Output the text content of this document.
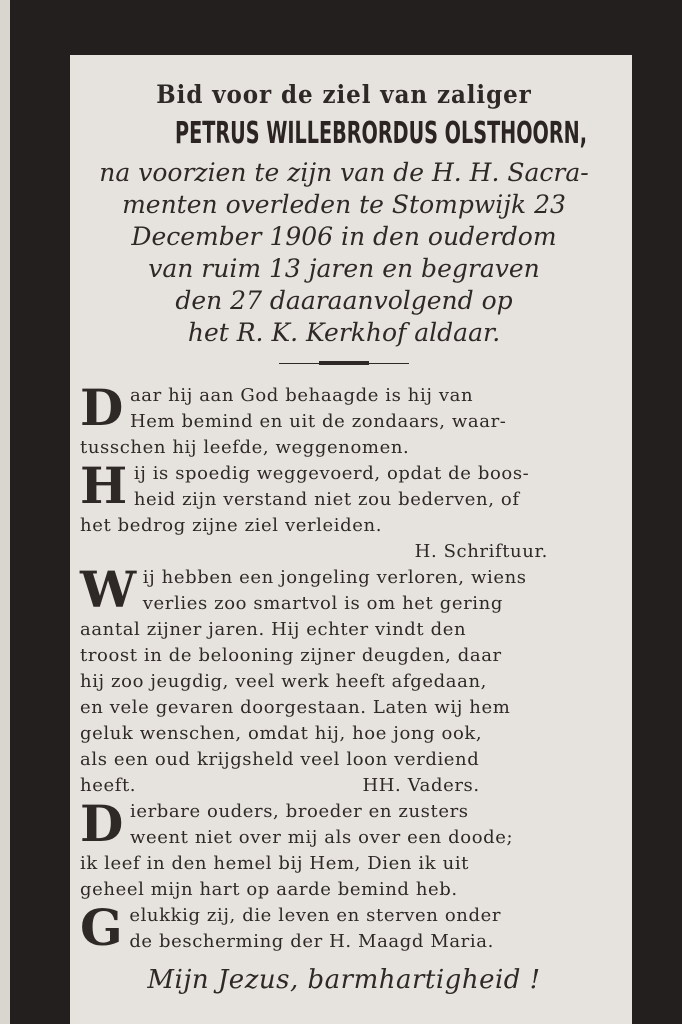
Bid voor de ziel van zaliger
PETRUS WILLEBRORDUS OLSTHOORN,
na voorzien te zijn van de H. H. Sacra-
menten overleden te Stompwijk 23
December 1906 in den ouderdom
van ruim 13 jaren en begraven
den 27 daaraanvolgend op
het R. K. Kerkhof aldaar.
D aar hij aan God behaagde is hij van
Hem bemind en uit de zondaars, waar-
tusschen hij leefde, weggenomen.
H ij is spoedig weggevoerd, opdat de boos-
heid zijn verstand niet zou bederven, of
het bedrog zijne ziel verleiden.
H. Schriftuur.
W ij hebben een jongeling verloren, wiens
verlies zoo smartvol is om het gering
aantal zijner jaren. Hij echter vindt den
troost in de belooning zijner deugden, daar
hij zoo jeugdig, veel werk heeft afgedaan,
en vele gevaren doorgestaan. Laten wij hem
geluk wenschen, omdat hij, hoe jong ook,
als een oud krijgsheld veel loon verdiend
heeft.	HH. Vaders.
D ierbare ouders, broeder en zusters
weent niet over mij als over een doode;
ik leef in den hemel bij Hem, Dien ik uit
geheel mijn hart op aarde bemind heb.
G elukkig zij, die leven en sterven onder
de bescherming der H. Maagd Maria.
Mijn Jezus, barmhartigheid !
